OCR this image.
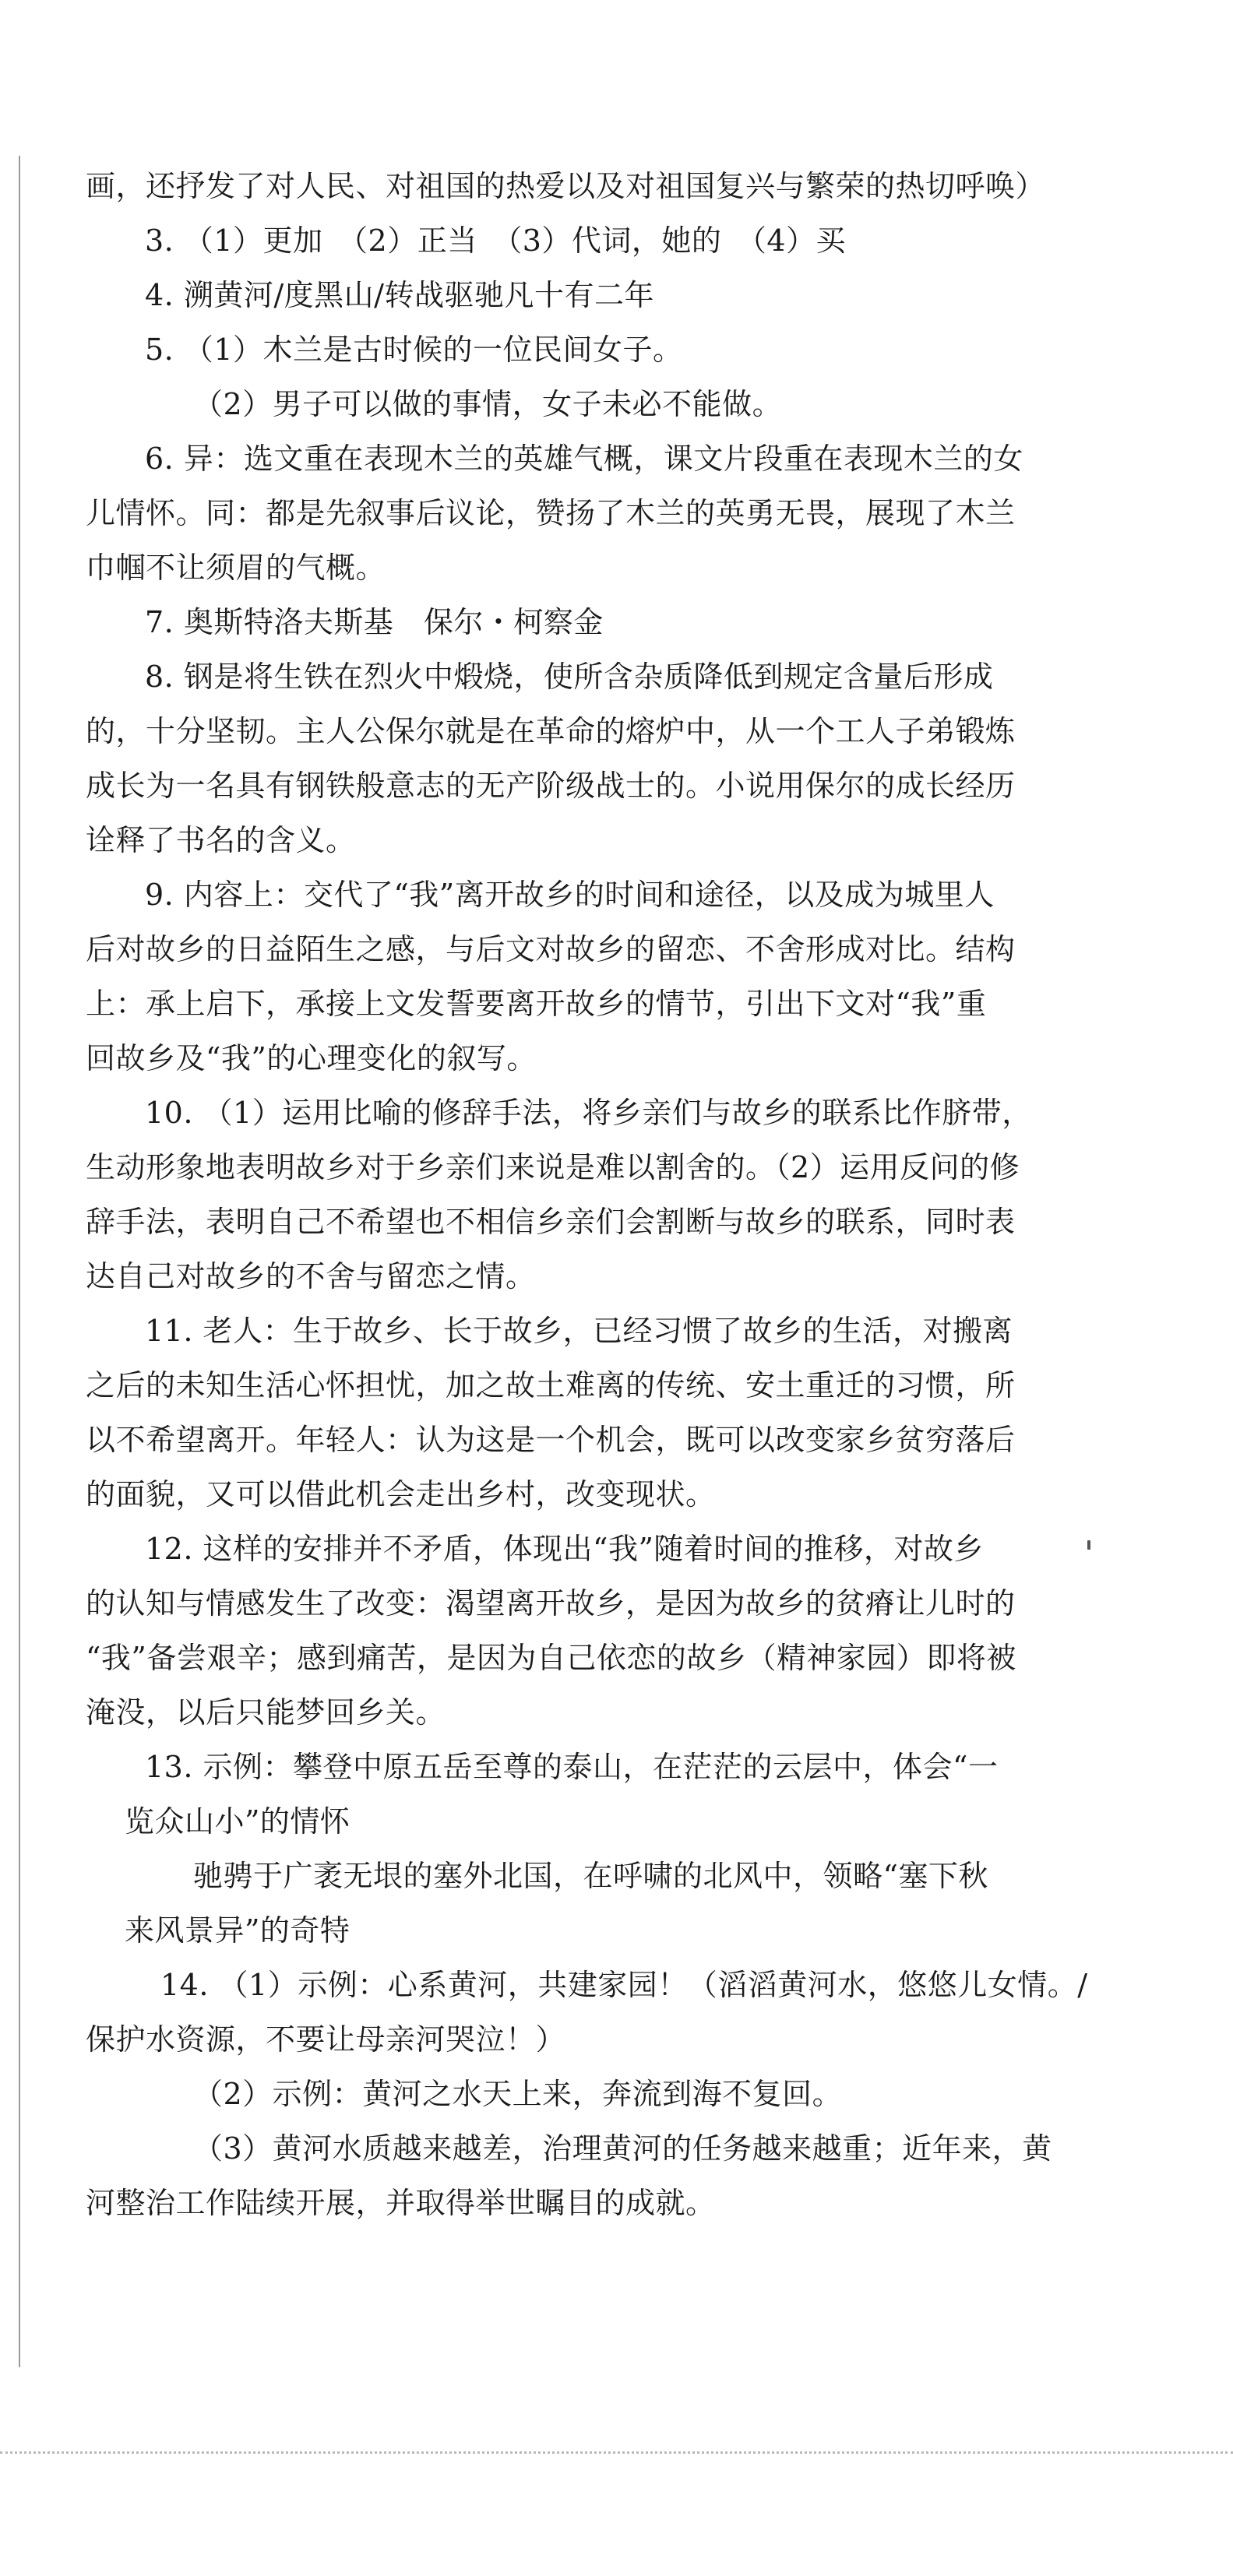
画，还抒发了对人民、对祖国的热爱以及对祖国复兴与繁荣的热切呼唤）
3. （1）更加　（2）正当　（3）代词，她的　（4）买
4. 溯黄河/度黑山/转战驱驰凡十有二年
5. （1）木兰是古时候的一位民间女子。
（2）男子可以做的事情，女子未必不能做。
6. 异：选文重在表现木兰的英雄气概，课文片段重在表现木兰的女
儿情怀。同：都是先叙事后议论，赞扬了木兰的英勇无畏，展现了木兰
巾帼不让须眉的气概。
7. 奥斯特洛夫斯基　保尔・柯察金
8. 钢是将生铁在烈火中煅烧，使所含杂质降低到规定含量后形成
的，十分坚韧。主人公保尔就是在革命的熔炉中，从一个工人子弟锻炼
成长为一名具有钢铁般意志的无产阶级战士的。小说用保尔的成长经历
诠释了书名的含义。
9. 内容上：交代了“我”离开故乡的时间和途径，以及成为城里人
后对故乡的日益陌生之感，与后文对故乡的留恋、不舍形成对比。结构
上：承上启下，承接上文发誓要离开故乡的情节，引出下文对“我”重
回故乡及“我”的心理变化的叙写。
10. （1）运用比喻的修辞手法，将乡亲们与故乡的联系比作脐带，
生动形象地表明故乡对于乡亲们来说是难以割舍的。（2）运用反问的修
辞手法，表明自己不希望也不相信乡亲们会割断与故乡的联系，同时表
达自己对故乡的不舍与留恋之情。
11. 老人：生于故乡、长于故乡，已经习惯了故乡的生活，对搬离
之后的未知生活心怀担忧，加之故土难离的传统、安土重迁的习惯，所
以不希望离开。年轻人：认为这是一个机会，既可以改变家乡贫穷落后
的面貌，又可以借此机会走出乡村，改变现状。
12. 这样的安排并不矛盾，体现出“我”随着时间的推移，对故乡
的认知与情感发生了改变：渴望离开故乡，是因为故乡的贫瘠让儿时的
“我”备尝艰辛；感到痛苦，是因为自己依恋的故乡（精神家园）即将被
淹没，以后只能梦回乡关。
13. 示例：攀登中原五岳至尊的泰山，在茫茫的云层中，体会“一
览众山小”的情怀
驰骋于广袤无垠的塞外北国，在呼啸的北风中，领略“塞下秋
来风景异”的奇特
14. （1）示例：心系黄河，共建家园！（滔滔黄河水，悠悠儿女情。/
保护水资源，不要让母亲河哭泣！）
（2）示例：黄河之水天上来，奔流到海不复回。
（3）黄河水质越来越差，治理黄河的任务越来越重；近年来，黄
河整治工作陆续开展，并取得举世瞩目的成就。
